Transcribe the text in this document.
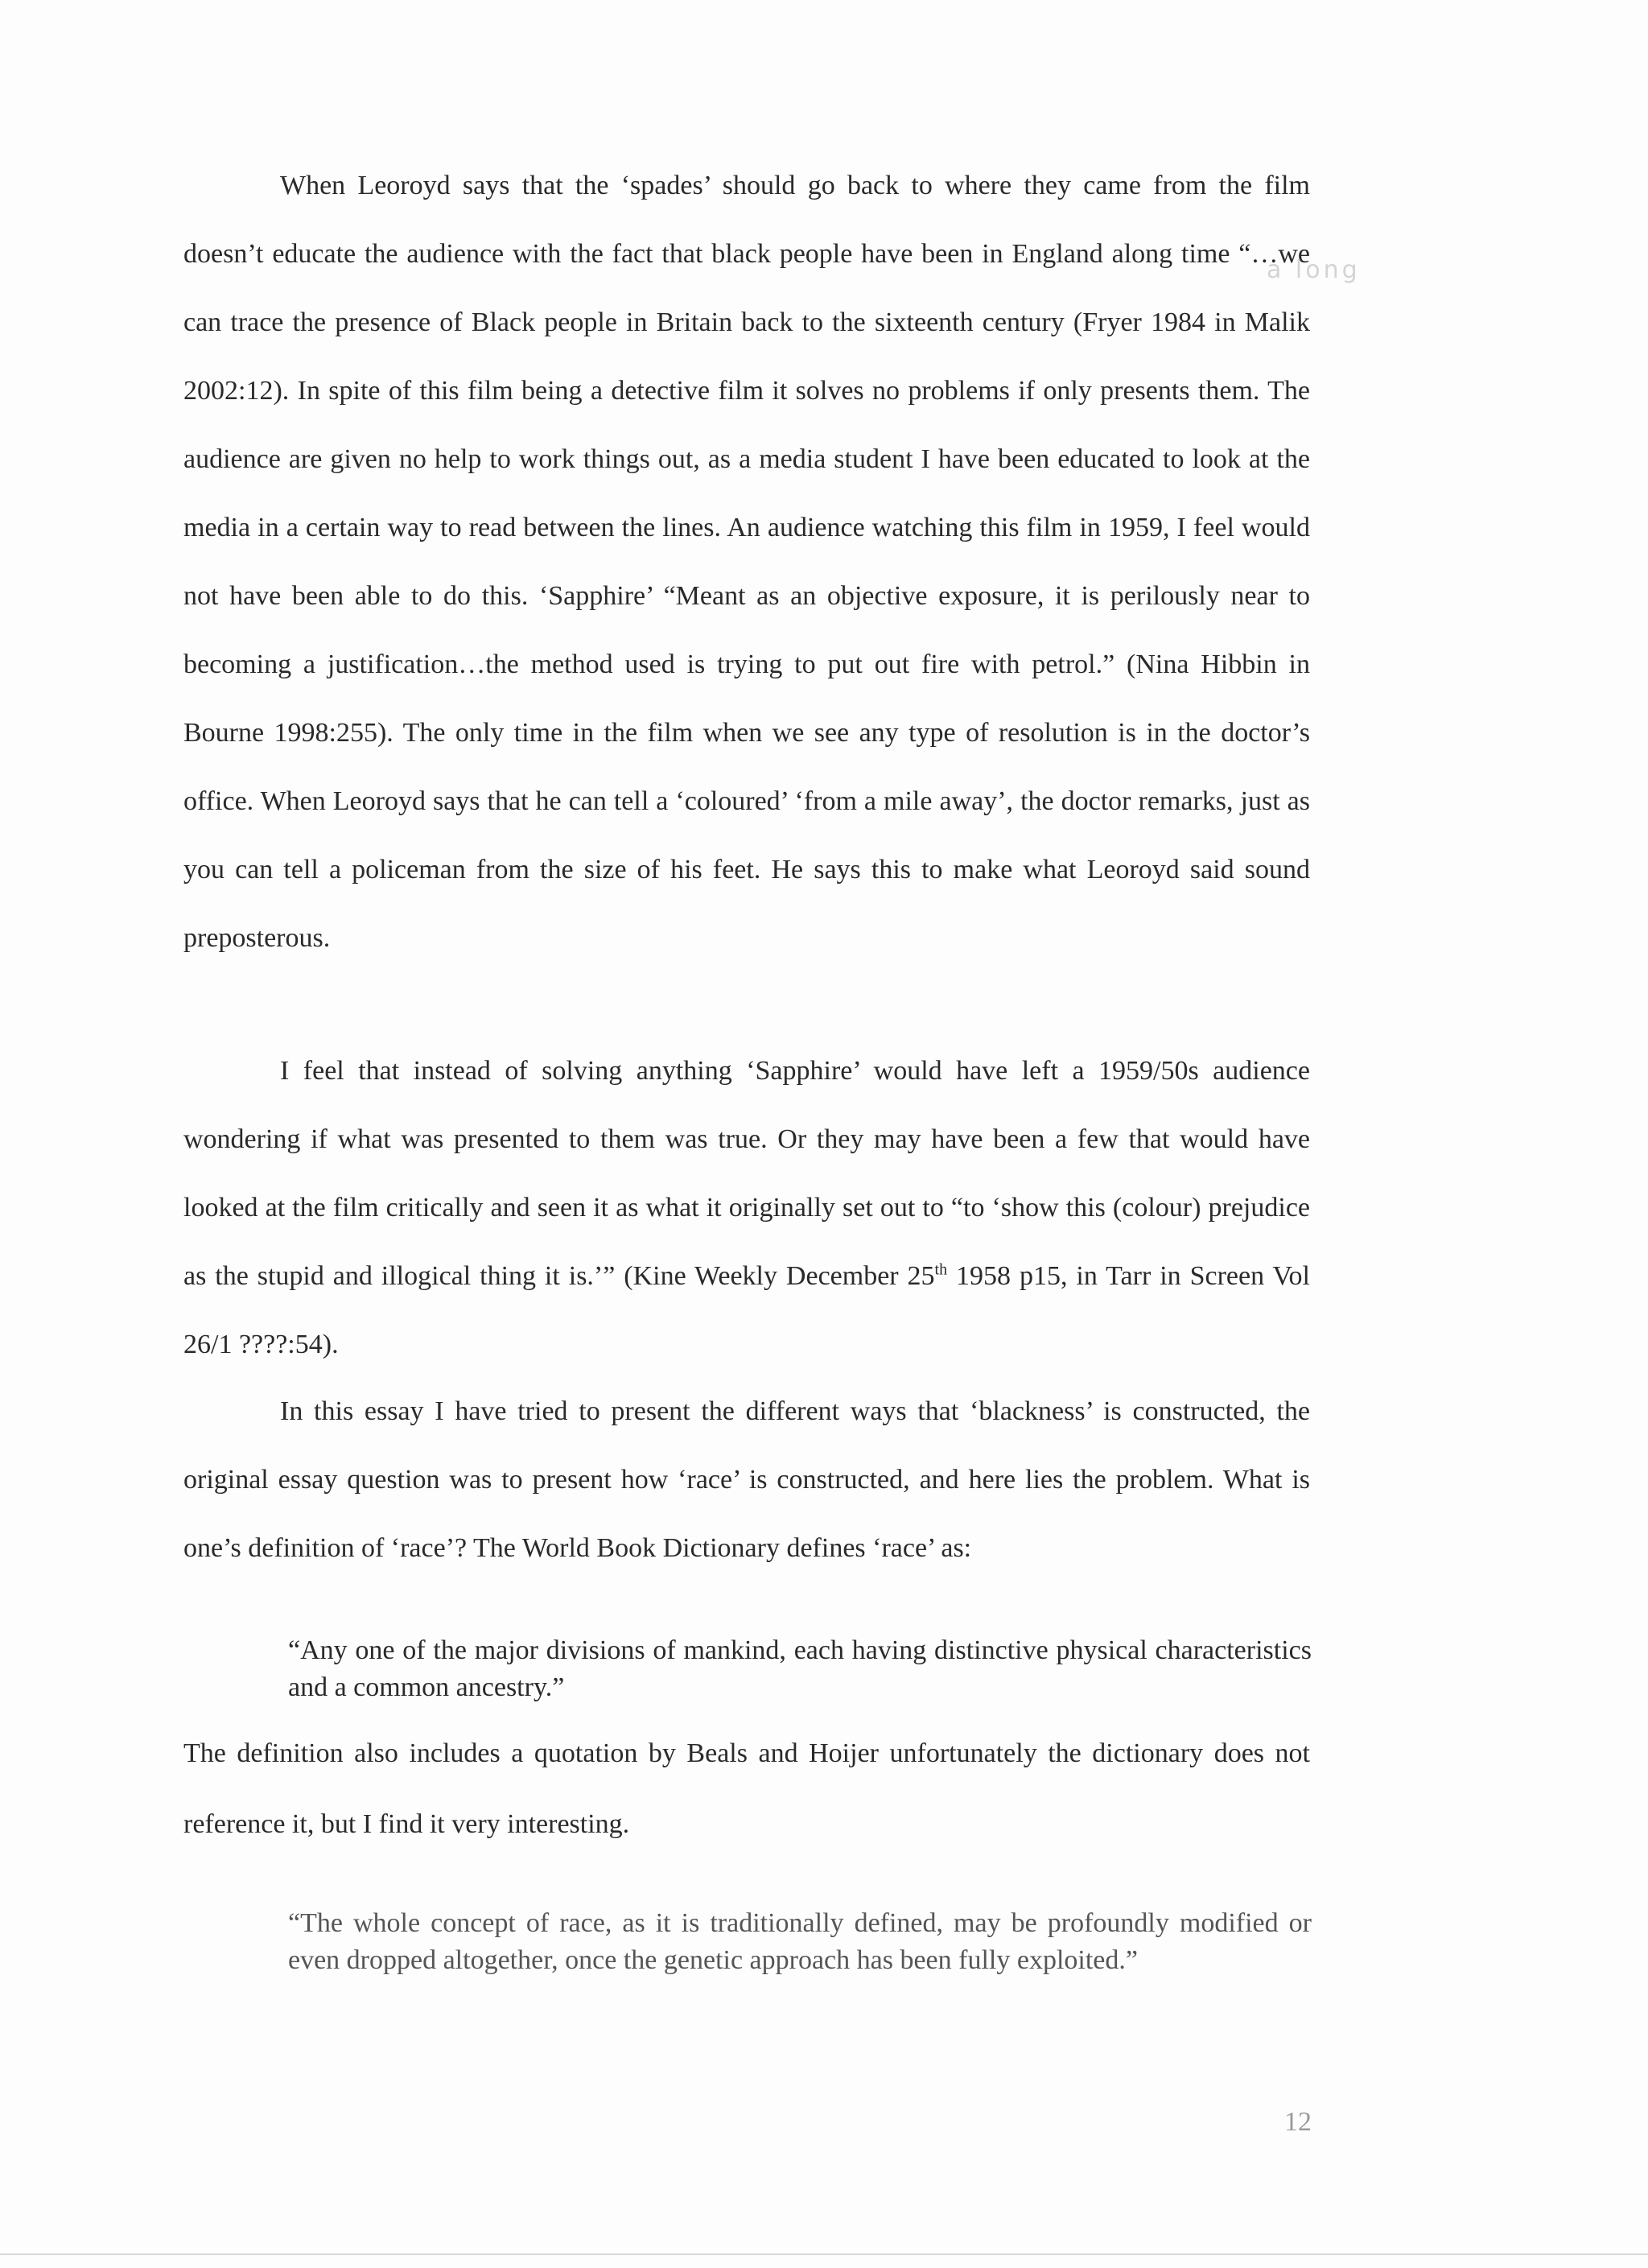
When Leoroyd says that the ‘spades’ should go back to where they came from the film doesn’t educate the audience with the fact that black people have been in England along time “…we can trace the presence of Black people in Britain back to the sixteenth century (Fryer 1984 in Malik 2002:12). In spite of this film being a detective film it solves no problems if only presents them. The audience are given no help to work things out, as a media student I have been educated to look at the media in a certain way to read between the lines. An audience watching this film in 1959, I feel would not have been able to do this. ‘Sapphire’ “Meant as an objective exposure, it is perilously near to becoming a justification…the method used is trying to put out fire with petrol.” (Nina Hibbin in Bourne 1998:255). The only time in the film when we see any type of resolution is in the doctor’s office. When Leoroyd says that he can tell a ‘coloured’ ‘from a mile away’, the doctor remarks, just as you can tell a policeman from the size of his feet. He says this to make what Leoroyd said sound preposterous.

a long

I feel that instead of solving anything ‘Sapphire’ would have left a 1959/50s audience wondering if what was presented to them was true. Or they may have been a few that would have looked at the film critically and seen it as what it originally set out to “to ‘show this (colour) prejudice as the stupid and illogical thing it is.’” (Kine Weekly December 25th 1958 p15, in Tarr in Screen Vol 26/1 ????:54).

In this essay I have tried to present the different ways that ‘blackness’ is constructed, the original essay question was to present how ‘race’ is constructed, and here lies the problem. What is one’s definition of ‘race’? The World Book Dictionary defines ‘race’ as:

“Any one of the major divisions of mankind, each having distinctive physical characteristics and a common ancestry.”

The definition also includes a quotation by Beals and Hoijer unfortunately the dictionary does not reference it, but I find it very interesting.

“The whole concept of race, as it is traditionally defined, may be profoundly modified or even dropped altogether, once the genetic approach has been fully exploited.”

12
